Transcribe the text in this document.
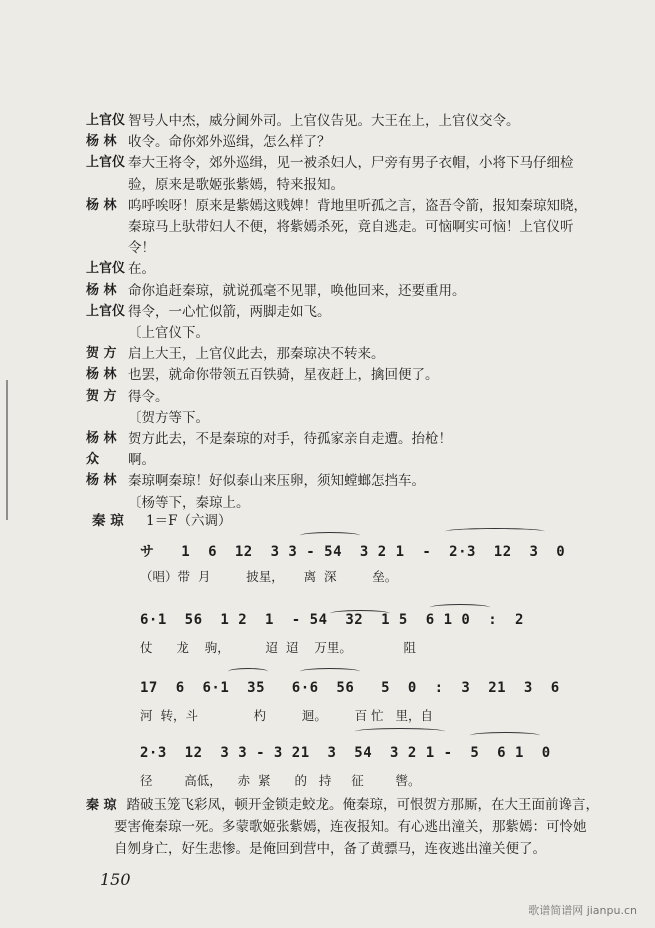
上官仪 智号人中杰，威分阃外司。上官仪告见。大王在上，上官仪交令。
杨 林 收令。命你郊外巡缉，怎么样了？
上官仪 奉大王将令，郊外巡缉，见一被杀妇人，尸旁有男子衣帽，小将下马仔细检
验，原来是歌姬张紫嫣，特来报知。
杨 林 呜呼唉呀！原来是紫嫣这贱婢！背地里听孤之言，盗吾令箭，报知秦琼知晓，
秦琼马上驮带妇人不便，将紫嫣杀死，竟自逃走。可恼啊实可恼！上官仪听
令！
上官仪 在。
杨 林 命你追赶秦琼，就说孤毫不见罪，唤他回来，还要重用。
上官仪 得令，一心忙似箭，两脚走如飞。
〔上官仪下。
贺 方 启上大王，上官仪此去，那秦琼决不转来。
杨 林 也罢，就命你带领五百铁骑，星夜赶上，擒回便了。
贺 方 得令。
〔贺方等下。
杨 林 贺方此去，不是秦琼的对手，待孤家亲自走遭。抬枪！
众	啊。
杨 林 秦琼啊秦琼！好似泰山来压卵，须知螳螂怎挡车。
〔杨等下，秦琼上。
秦 琼 1＝F（六调）
サ   1  6  12  3 3 - 54  3 2 1  -  2·3  12  3  0
（唱）带  月         披星，     离  深         垒。
6·1  56  1 2  1  - 54  32  1 5  6 1 0  :  2
仗      龙    驹，         迢  迢    万里。             阻
17  6  6·1  35   6·6  56   5  0  :  3  21  3  6
河  转，斗              杓         迴。       百 忙   里，自
2·3  12  3 3 - 3 21  3  54  3 2 1 -  5  6 1  0
径        高低，    赤  紧      的   持     征        辔。
秦 琼 踏破玉笼飞彩凤，顿开金锁走蛟龙。俺秦琼，可恨贺方那厮，在大王面前谗言，
要害俺秦琼一死。多蒙歌姬张紫嫣，连夜报知。有心逃出潼关，那紫嫣：可怜她
自刎身亡，好生悲惨。是俺回到营中，备了黄骠马，连夜逃出潼关便了。
150
歌谱简谱网 jianpu.cn
